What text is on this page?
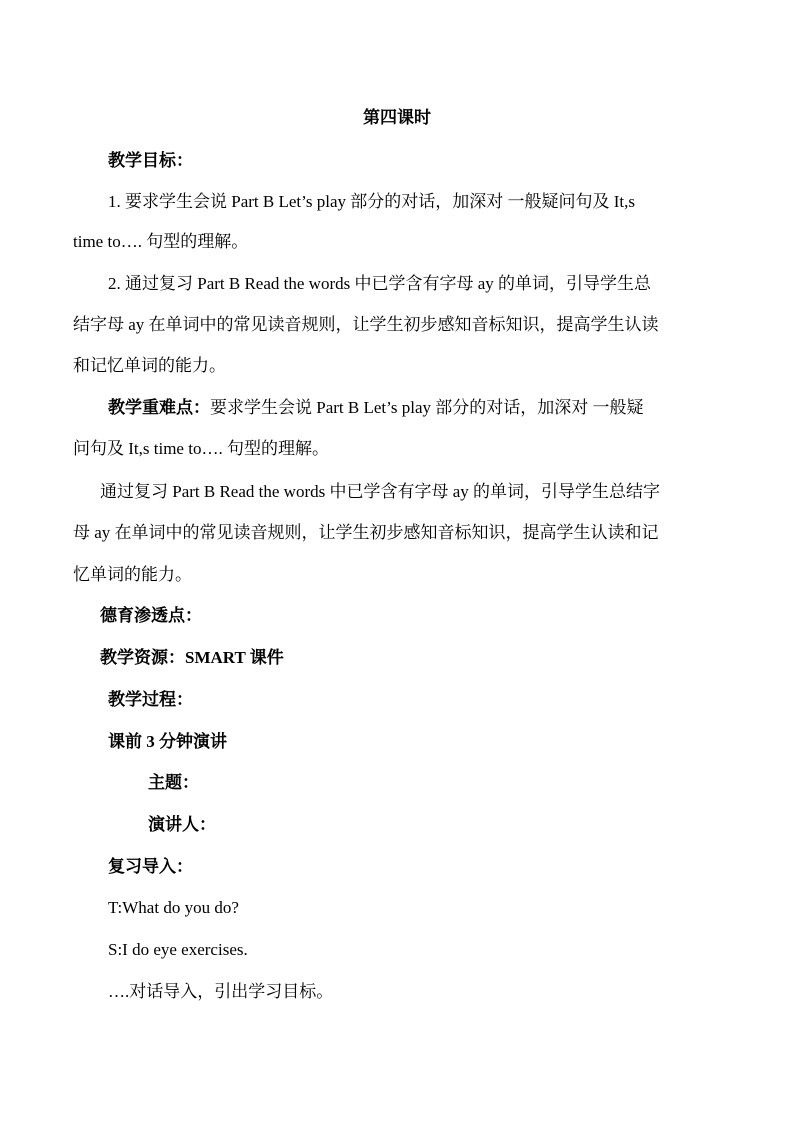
第四课时
教学目标：
1. 要求学生会说 Part B Let’s play 部分的对话，加深对 一般疑问句及 It,s
time to…. 句型的理解。
2. 通过复习 Part B Read the words 中已学含有字母 ay 的单词，引导学生总
结字母 ay 在单词中的常见读音规则，让学生初步感知音标知识，提高学生认读
和记忆单词的能力。
教学重难点：要求学生会说 Part B Let’s play 部分的对话，加深对 一般疑
问句及 It,s time to…. 句型的理解。
通过复习 Part B Read the words 中已学含有字母 ay 的单词，引导学生总结字
母 ay 在单词中的常见读音规则，让学生初步感知音标知识，提高学生认读和记
忆单词的能力。
德育渗透点：
教学资源：SMART 课件
教学过程：
课前 3 分钟演讲
主题：
演讲人：
复习导入：
T:What do you do?
S:I do eye exercises.
….对话导入，引出学习目标。
